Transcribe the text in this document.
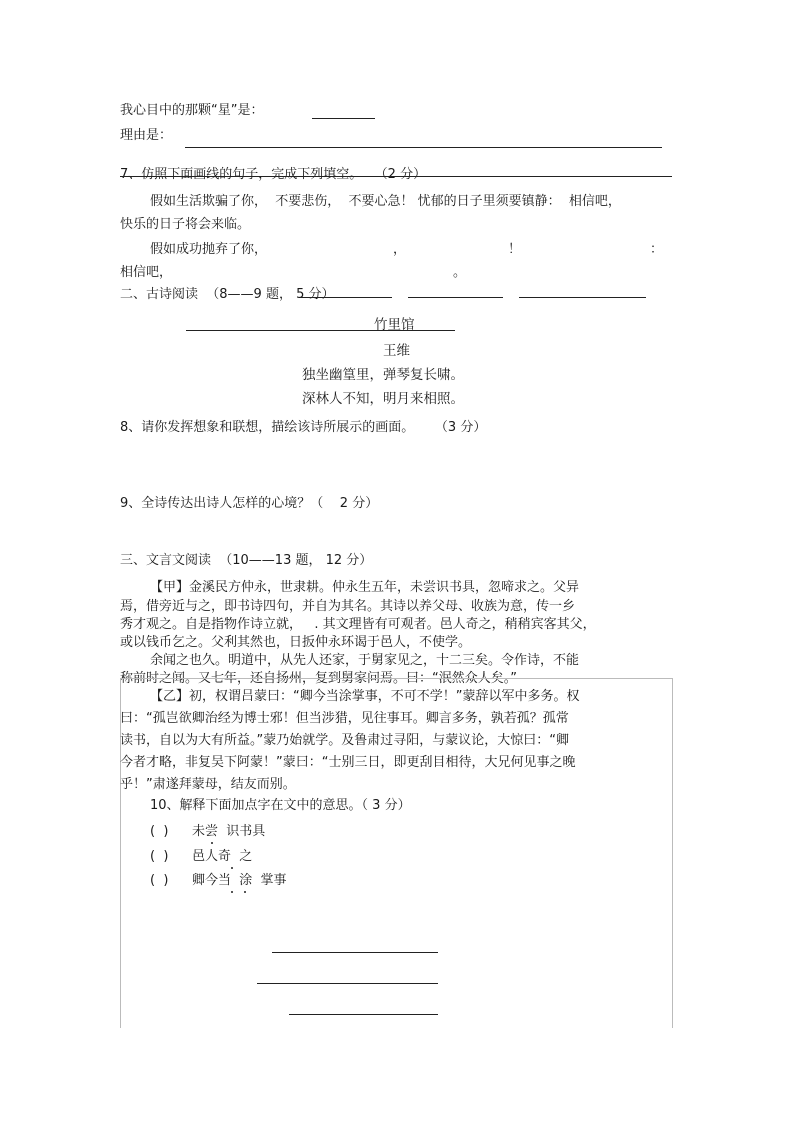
我心目中的那颗“星”是：
理由是：
7、仿照下面画线的句子，完成下列填空。   （2 分）
假如生活欺骗了你，  不要悲伤，  不要心急！ 忧郁的日子里须要镇静：  相信吧，
快乐的日子将会来临。
假如成功抛弃了你，	，	！	：
相信吧，	。
二、古诗阅读  （8——9 题， 5 分）
竹里馆
王维
独坐幽篁里，弹琴复长啸。
深林人不知，明月来相照。
8、请你发挥想象和联想，描绘该诗所展示的画面。     （3 分）
9、全诗传达出诗人怎样的心境？（    2 分）
三、文言文阅读  （10——13 题， 12 分）
【甲】金溪民方仲永，世隶耕。仲永生五年，未尝识书具，忽啼求之。父异
焉，借旁近与之，即书诗四句，并自为其名。其诗以养父母、收族为意，传一乡
秀才观之。自是指物作诗立就，   . 其文理皆有可观者。邑人奇之，稍稍宾客其父，
或以钱币乞之。父利其然也，日扳仲永环谒于邑人，不使学。
余闻之也久。明道中，从先人还家，于舅家见之，十二三矣。令作诗，不能
称前时之闻。又七年，还自扬州，复到舅家问焉。曰：“泯然众人矣。”
【乙】初，权谓吕蒙曰：“卿今当涂掌事，不可不学！”蒙辞以军中多务。权
曰：“孤岂欲卿治经为博士邪！但当涉猎，见往事耳。卿言多务，孰若孤？孤常
读书，自以为大有所益。”蒙乃始就学。及鲁肃过寻阳，与蒙议论，大惊曰：“卿
今者才略，非复吴下阿蒙！”蒙曰：“士别三日，即更刮目相待，大兄何见事之晚
乎！”肃遂拜蒙母，结友而别。
10、解释下面加点字在文中的意思。（ 3 分）
(  ) 未尝  识书具
(  ) 邑人奇  之
(  ) 卿今当  涂  掌事
